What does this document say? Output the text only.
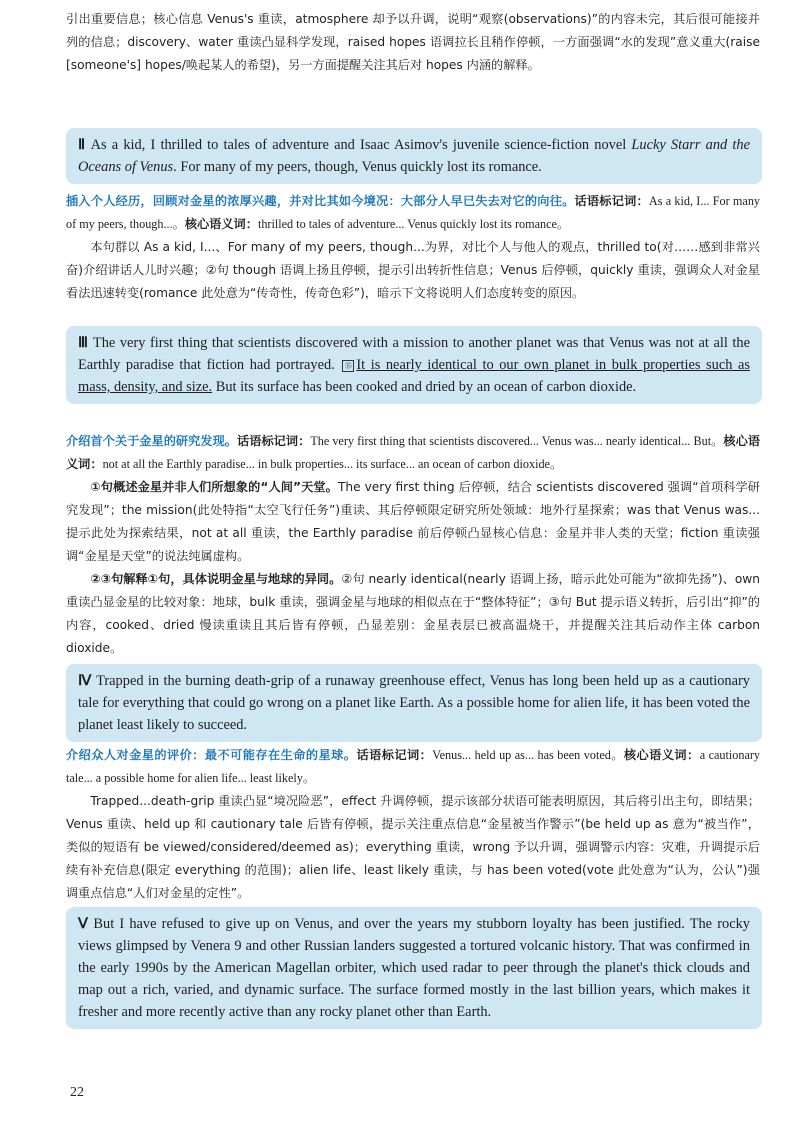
引出重要信息；核心信息 Venus's 重读，atmosphere 却予以升调，说明“观察(observations)”的内容未完，其后很可能接并列的信息；discovery、water 重读凸显科学发现，raised hopes 语调拉长且稍作停顿，一方面强调“水的发现”意义重大(raise [someone's] hopes/唤起某人的希望)，另一方面提醒关注其后对 hopes 内涵的解释。

Ⅱ As a kid, I thrilled to tales of adventure and Isaac Asimov's juvenile science-fiction novel Lucky Starr and the Oceans of Venus. For many of my peers, though, Venus quickly lost its romance.

插入个人经历，回顾对金星的浓厚兴趣，并对比其如今境况：大部分人早已失去对它的向往。话语标记词：As a kid, I... For many of my peers, though...。核心语义词：thrilled to tales of adventure... Venus quickly lost its romance。

本句群以 As a kid, I...、For many of my peers, though...为界，对比个人与他人的观点，thrilled to(对……感到非常兴奋)介绍讲话人儿时兴趣；②句 though 语调上扬且停顿，提示引出转折性信息；Venus 后停顿，quickly 重读，强调众人对金星看法迅速转变(romance 此处意为“传奇性，传奇色彩”)，暗示下文将说明人们态度转变的原因。

Ⅲ The very first thing that scientists discovered with a mission to another planet was that Venus was not at all the Earthly paradise that fiction had portrayed. ⑮ It is nearly identical to our own planet in bulk properties such as mass, density, and size. But its surface has been cooked and dried by an ocean of carbon dioxide.

介绍首个关于金星的研究发现。话语标记词：The very first thing that scientists discovered... Venus was... nearly identical... But。核心语义词：not at all the Earthly paradise... in bulk properties... its surface... an ocean of carbon dioxide。

①句概述金星并非人们所想象的“人间”天堂。The very first thing 后停顿，结合 scientists discovered 强调“首项科学研究发现”；the mission(此处特指“太空飞行任务”)重读、其后停顿限定研究所处领域：地外行星探索；was that Venus was...提示此处为探索结果，not at all 重读，the Earthly paradise 前后停顿凸显核心信息：金星并非人类的天堂；fiction 重读强调“金星是天堂”的说法纯属虚构。

②③句解释①句，具体说明金星与地球的异同。②句 nearly identical(nearly 语调上扬，暗示此处可能为“欲抑先扬”)、own 重读凸显金星的比较对象：地球，bulk 重读，强调金星与地球的相似点在于“整体特征”；③句 But 提示语义转折，后引出“抑”的内容，cooked、dried 慢读重读且其后皆有停顿，凸显差别：金星表层已被高温烧干，并提醒关注其后动作主体 carbon dioxide。

Ⅳ Trapped in the burning death-grip of a runaway greenhouse effect, Venus has long been held up as a cautionary tale for everything that could go wrong on a planet like Earth. As a possible home for alien life, it has been voted the planet least likely to succeed.

介绍众人对金星的评价：最不可能存在生命的星球。话语标记词：Venus... held up as... has been voted。核心语义词：a cautionary tale... a possible home for alien life... least likely。

Trapped...death-grip 重读凸显“境况险恶”，effect 升调停顿，提示该部分状语可能表明原因，其后将引出主句，即结果；Venus 重读、held up 和 cautionary tale 后皆有停顿，提示关注重点信息“金星被当作警示”(be held up as 意为“被当作”，类似的短语有 be viewed/considered/deemed as)；everything 重读，wrong 予以升调，强调警示内容：灾难，升调提示后续有补充信息(限定 everything 的范围)；alien life、least likely 重读，与 has been voted(vote 此处意为“认为，公认”)强调重点信息“人们对金星的定性”。

Ⅴ But I have refused to give up on Venus, and over the years my stubborn loyalty has been justified. The rocky views glimpsed by Venera 9 and other Russian landers suggested a tortured volcanic history. That was confirmed in the early 1990s by the American Magellan orbiter, which used radar to peer through the planet's thick clouds and map out a rich, varied, and dynamic surface. The surface formed mostly in the last billion years, which makes it fresher and more recently active than any rocky planet other than Earth.

22
